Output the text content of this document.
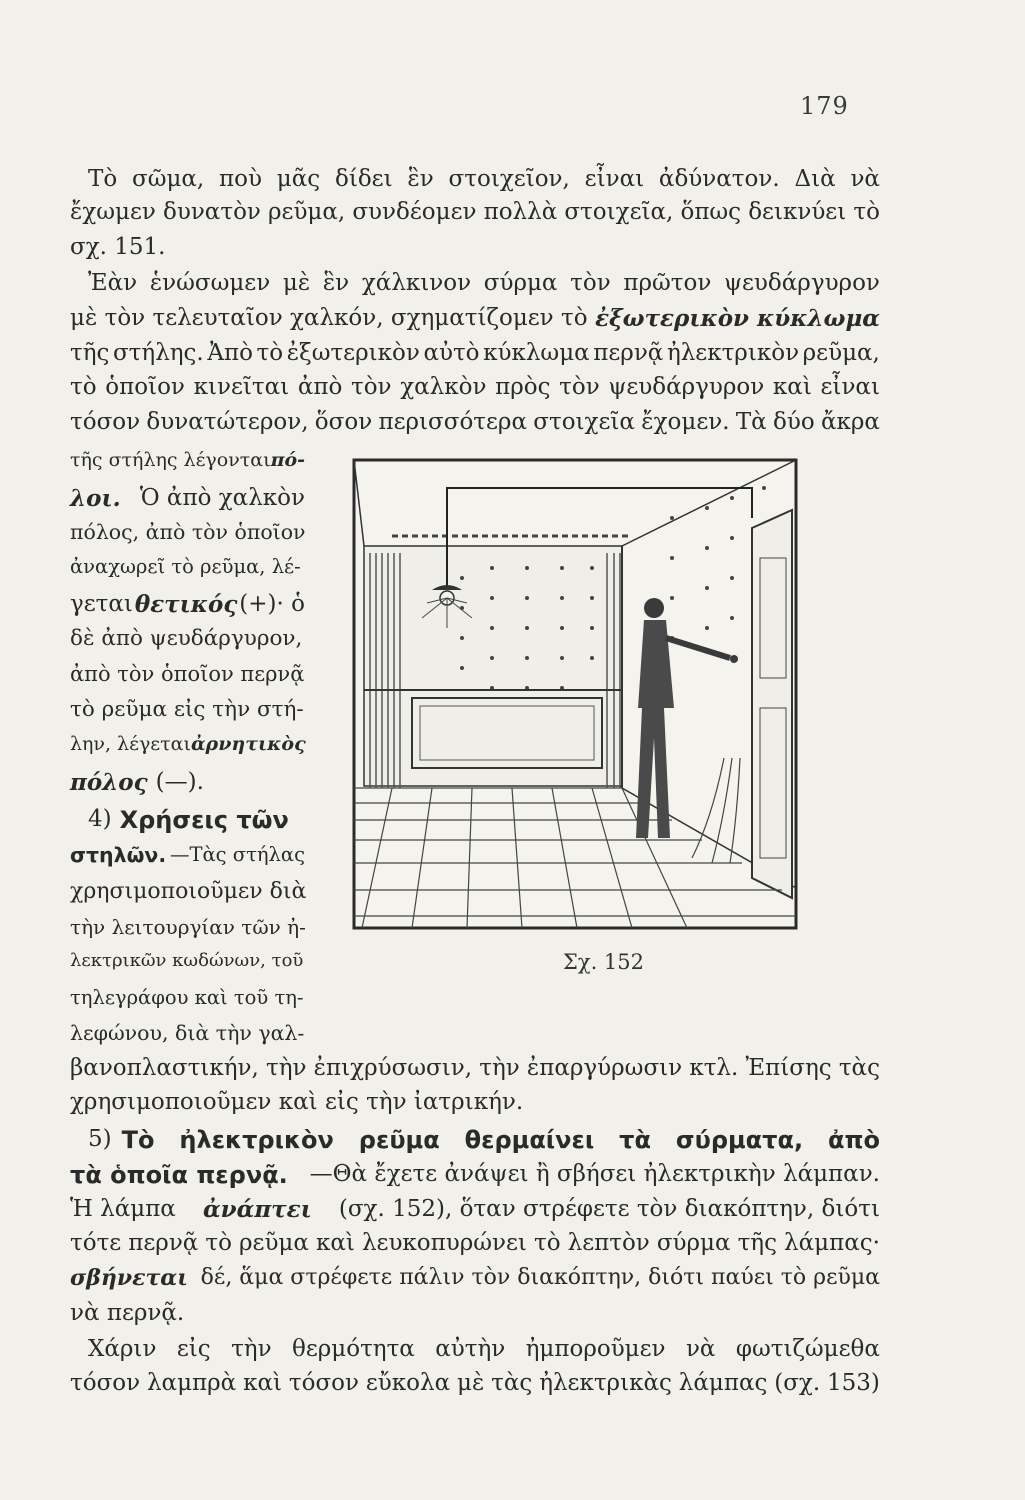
179
Τὸ σῶμα, ποὺ μᾶς δίδει ἓν στοιχεῖον, εἶναι ἀδύνατον. Διὰ νὰ
ἔχωμεν δυνατὸν ρεῦμα, συνδέομεν πολλὰ στοιχεῖα, ὅπως δεικνύει τὸ
σχ. 151.
Ἐὰν ἑνώσωμεν μὲ ἓν χάλκινον σύρμα τὸν πρῶτον ψευδάργυρον
μὲ τὸν τελευταῖον χαλκόν, σχηματίζομεν τὸ ἐξωτερικὸν κύκλωμα
τῆς στήλης. Ἀπὸ τὸ ἐξωτερικὸν αὐτὸ κύκλωμα περνᾷ ἠλεκτρικὸν ρεῦμα,
τὸ ὁποῖον κινεῖται ἀπὸ τὸν χαλκὸν πρὸς τὸν ψευδάργυρον καὶ εἶναι
τόσον δυνατώτερον, ὅσον περισσότερα στοιχεῖα ἔχομεν. Τὰ δύο ἄκρα
τῆς στήλης λέγονται πό-
λοι. Ὁ ἀπὸ χαλκὸν
πόλος, ἀπὸ τὸν ὁποῖον
ἀναχωρεῖ τὸ ρεῦμα, λέ-
γεται θετικός (+)· ὁ
δὲ ἀπὸ ψευδάργυρον,
ἀπὸ τὸν ὁποῖον περνᾷ
τὸ ρεῦμα εἰς τὴν στή-
λην, λέγεται ἀρνητικὸς
πόλος (—).
4) Χρήσεις τῶν
στηλῶν. —Τὰς στήλας
χρησιμοποιοῦμεν διὰ
τὴν λειτουργίαν τῶν ἠ-
λεκτρικῶν κωδώνων, τοῦ
τηλεγράφου καὶ τοῦ τη-
λεφώνου, διὰ τὴν γαλ-
Σχ. 152
βανοπλαστικήν, τὴν ἐπιχρύσωσιν, τὴν ἐπαργύρωσιν κτλ. Ἐπίσης τὰς
χρησιμοποιοῦμεν καὶ εἰς τὴν ἰατρικήν.
5) Τὸ ἠλεκτρικὸν ρεῦμα θερμαίνει τὰ σύρματα, ἀπὸ
τὰ ὁποῖα περνᾷ. —Θὰ ἔχετε ἀνάψει ἢ σβήσει ἠλεκτρικὴν λάμπαν.
Ἡ λάμπα ἀνάπτει (σχ. 152), ὅταν στρέφετε τὸν διακόπτην, διότι
τότε περνᾷ τὸ ρεῦμα καὶ λευκοπυρώνει τὸ λεπτὸν σύρμα τῆς λάμπας·
σβήνεται δέ, ἅμα στρέφετε πάλιν τὸν διακόπτην, διότι παύει τὸ ρεῦμα
νὰ περνᾷ.
Χάριν εἰς τὴν θερμότητα αὐτὴν ἠμποροῦμεν νὰ φωτιζώμεθα
τόσον λαμπρὰ καὶ τόσον εὔκολα μὲ τὰς ἠλεκτρικὰς λάμπας (σχ. 153)
